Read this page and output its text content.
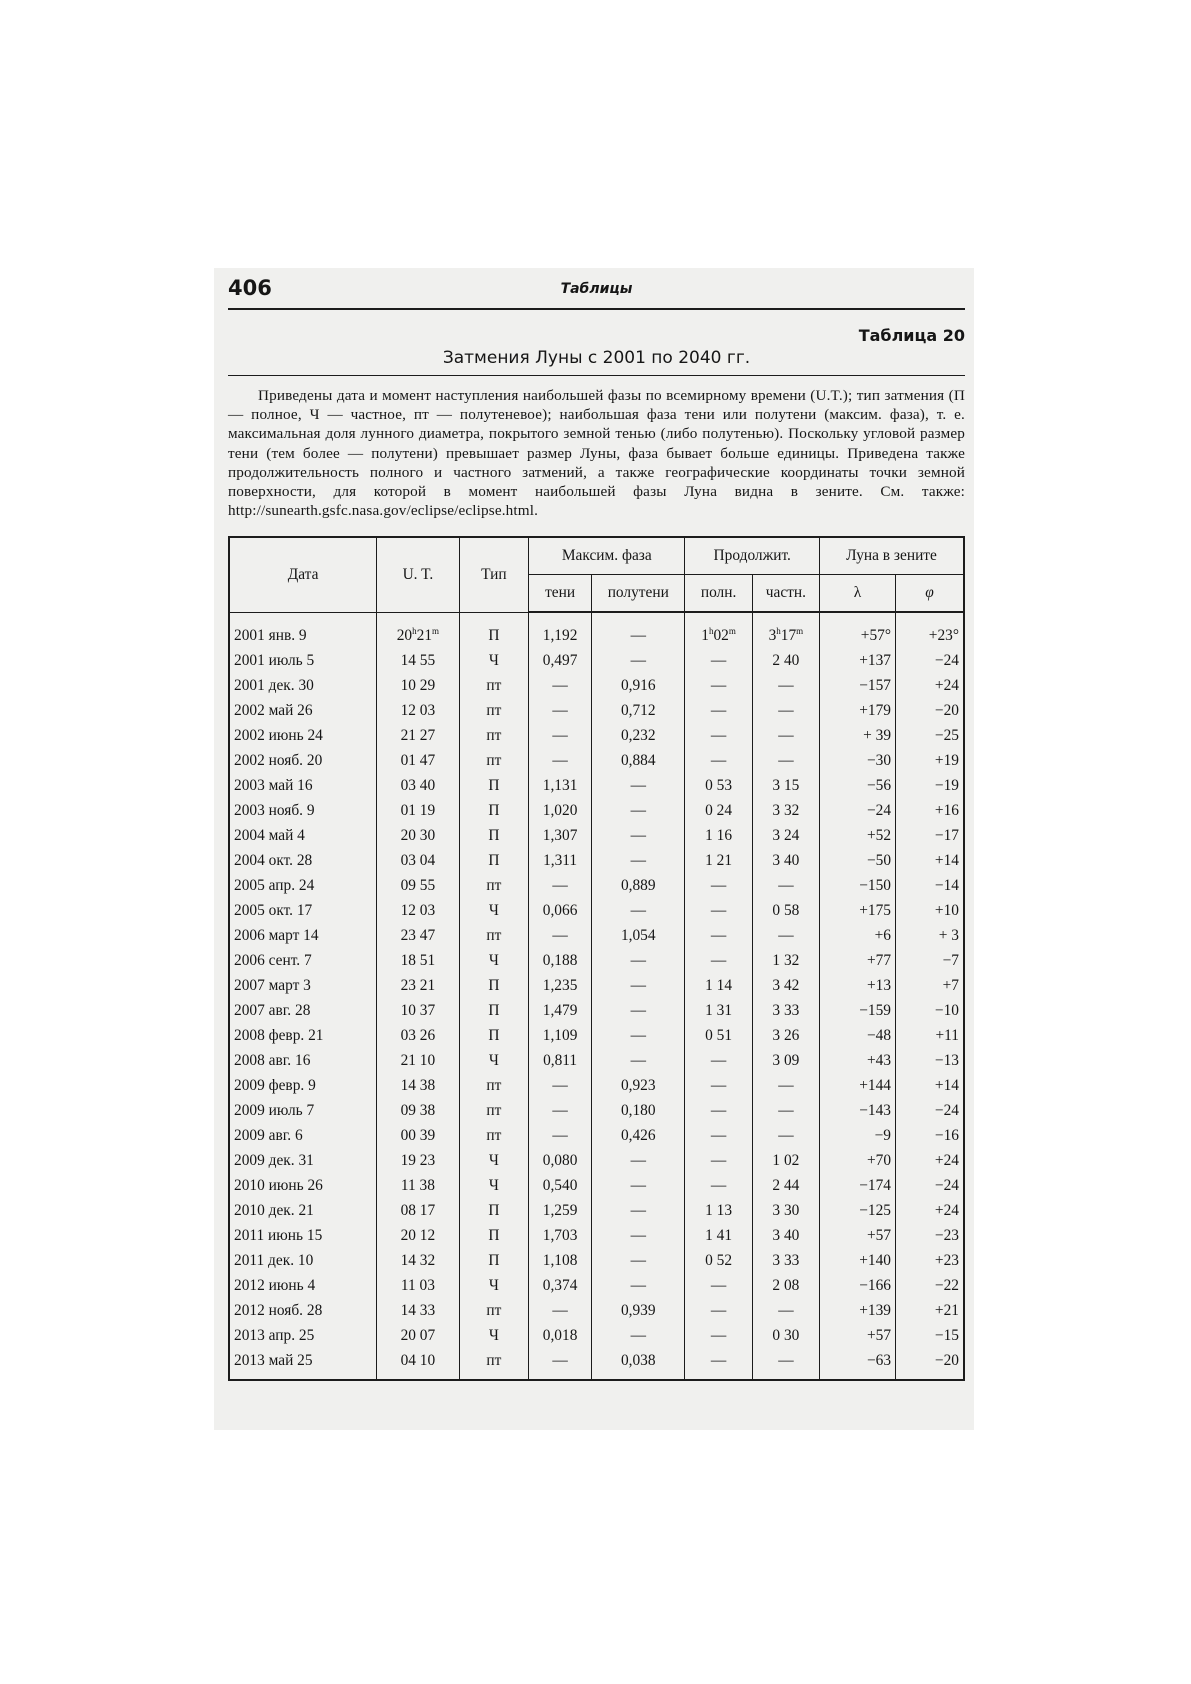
406	Таблицы
Таблица 20
Затмения Луны с 2001 по 2040 гг.

Приведены дата и момент наступления наибольшей фазы по всемирному времени (U.T.); тип затмения (П — полное, Ч — частное, пт — полутеневое); наибольшая фаза тени или полутени (максим. фаза), т. е. максимальная доля лунного диаметра, покрытого земной тенью (либо полутенью). Поскольку угловой размер тени (тем более — полутени) превышает размер Луны, фаза бывает больше единицы. Приведена также продолжительность полного и частного затмений, а также географические координаты точки земной поверхности, для которой в момент наибольшей фазы Луна видна в зените. См. также: http://sunearth.gsfc.nasa.gov/eclipse/eclipse.html.

Дата	U. T.	Тип	Максим. фаза		Продолжит.		Луна в зените	
			тени	полутени	полн.	частн.	λ	φ
2001 янв. 9	20$^h$21$^m$	П	1,192	—	1$^h$02$^m$	$3^h17^m$	+57°	+23°
2001 июль 5	14 55	Ч	0,497	—	—	2 40	+137	−24
2001 дек. 30	10 29	пт	—	0,916	—	—	−157	+24
2002 май 26	12 03	пт	—	0,712	—	—	+179	−20
2002 июнь 24	21 27	пт	—	0,232	—	—	+ 39	−25
2002 нояб. 20	01 47	пт	—	0,884	—	—	−30	+19
2003 май 16	03 40	П	1,131	—	0 53	3 15	−56	−19
2003 нояб. 9	01 19	П	1,020	—	0 24	3 32	−24	+16
2004 май 4	20 30	П	1,307	—	1 16	3 24	+52	−17
2004 окт. 28	03 04	П	1,311	—	1 21	3 40	−50	+14
2005 апр. 24	09 55	пт	—	0,889	—	—	−150	−14
2005 окт. 17	12 03	Ч	0,066	—	—	0 58	+175	+10
2006 март 14	23 47	пт	—	1,054	—	—	+6	+ 3
2006 сент. 7	18 51	Ч	0,188	—	—	1 32	+77	−7
2007 март 3	23 21	П	1,235	—	1 14	3 42	+13	+7
2007 авг. 28	10 37	П	1,479	—	1 31	3 33	−159	−10
2008 февр. 21	03 26	П	1,109	—	0 51	3 26	−48	+11
2008 авг. 16	21 10	Ч	0,811	—	—	3 09	+43	−13
2009 февр. 9	14 38	пт	—	0,923	—	—	+144	+14
2009 июль 7	09 38	пт	—	0,180	—	—	−143	−24
2009 авг. 6	00 39	пт	—	0,426	—	—	−9	−16
2009 дек. 31	19 23	Ч	0,080	—	—	1 02	+70	+24
2010 июнь 26	11 38	Ч	0,540	—	—	2 44	−174	−24
2010 дек. 21	08 17	П	1,259	—	1 13	3 30	−125	+24
2011 июнь 15	20 12	П	1,703	—	1 41	3 40	+57	−23
2011 дек. 10	14 32	П	1,108	—	0 52	3 33	+140	+23
2012 июнь 4	11 03	Ч	0,374	—	—	2 08	−166	−22
2012 нояб. 28	14 33	пт	—	0,939	—	—	+139	+21
2013 апр. 25	20 07	Ч	0,018	—	—	0 30	+57	−15
2013 май 25	04 10	пт	—	0,038	—	—	−63	−20
